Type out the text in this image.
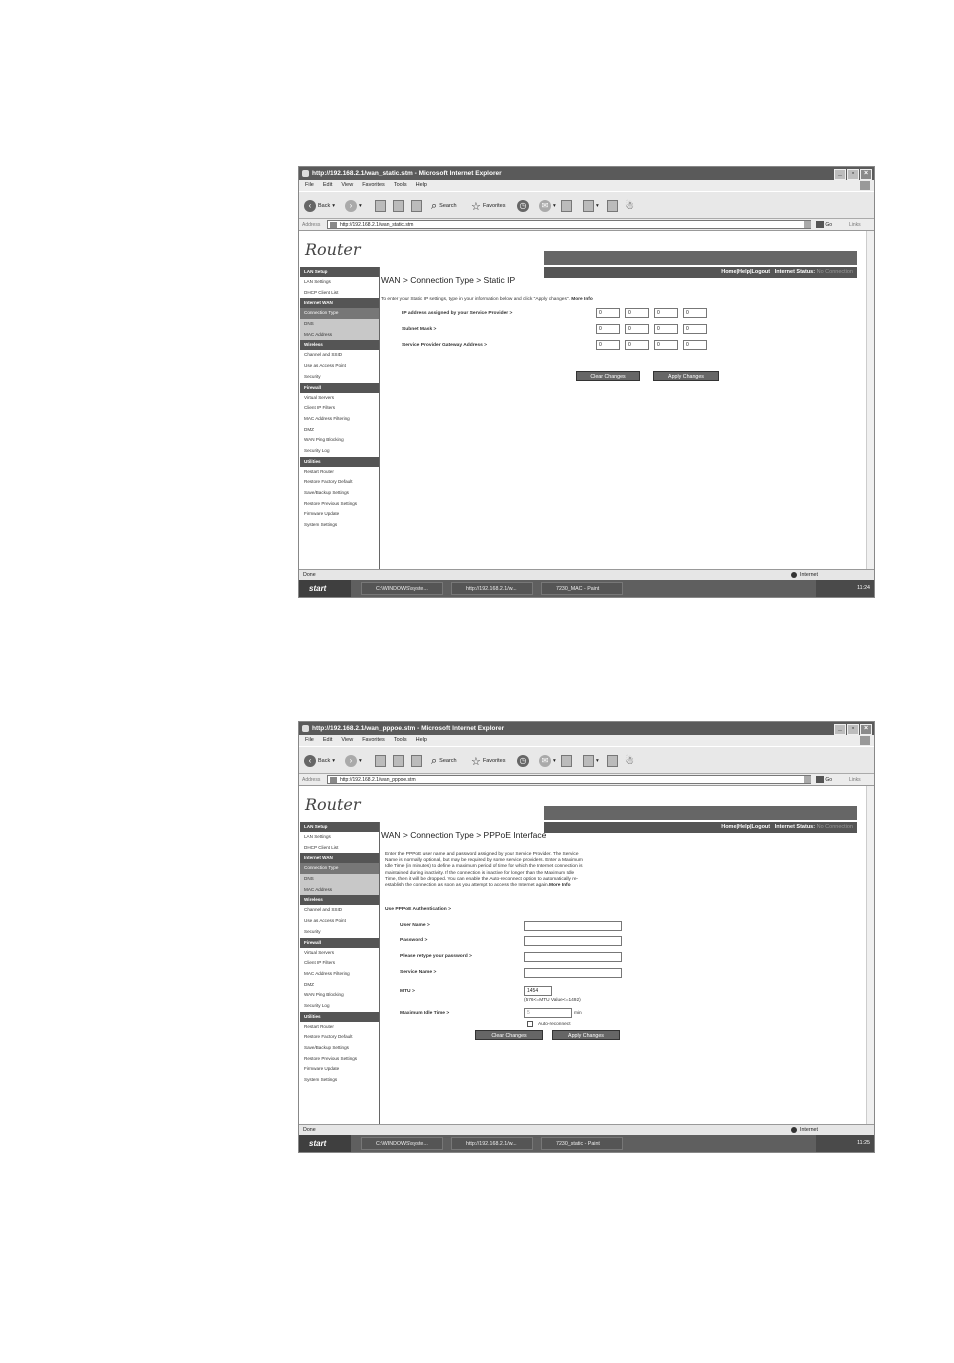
http://192.168.2.1/wan_static.stm - Microsoft Internet Explorer	_	▫	×
File Edit View Favorites Tools Help
‹	Back ▾	›	▾	⌕ Search ☆ Favorites	◷	✉ ▾	▾	☃
Address	http://192.168.2.1/wan_static.stm	Go	Links
Router
Home|Help|Logout Internet Status: No Connection
LAN Setup
LAN Settings
DHCP Client List
Internet WAN
Connection Type
DNS
MAC Address
Wireless
Channel and SSID
Use as Access Point
Security
Firewall
Virtual Servers
Client IP Filters
MAC Address Filtering
DMZ
WAN Ping Blocking
Security Log
Utilities
Restart Router
Restore Factory Default
Save/Backup Settings
Restore Previous Settings
Firmware Update
System Settings
WAN > Connection Type > Static IP
To enter your Static IP settings, type in your information below and click "Apply changes". More Info
IP address assigned by your Service Provider >	0	0	0	0
Subnet Mask >	0	0	0	0
Service Provider Gateway Address >	0	0	0	0
Clear Changes	Apply Changes
Done	Internet
start	C:\WINDOWS\syste...	http://192.168.2.1/w...	7230_MAC - Paint	11:24
http://192.168.2.1/wan_pppoe.stm - Microsoft Internet Explorer	_	▫	×
File Edit View Favorites Tools Help
‹	Back ▾	›	▾	⌕ Search ☆ Favorites	◷	✉ ▾	▾	☃
Address	http://192.168.2.1/wan_pppoe.stm	Go	Links
Router
Home|Help|Logout Internet Status: No Connection
LAN Setup
LAN Settings
DHCP Client List
Internet WAN
Connection Type
DNS
MAC Address
Wireless
Channel and SSID
Use as Access Point
Security
Firewall
Virtual Servers
Client IP Filters
MAC Address Filtering
DMZ
WAN Ping Blocking
Security Log
Utilities
Restart Router
Restore Factory Default
Save/Backup Settings
Restore Previous Settings
Firmware Update
System Settings
WAN > Connection Type > PPPoE Interface
Enter the PPPoE user name and password assigned by your Service Provider. The Service
Name is normally optional, but may be required by some service providers. Enter a Maximum
Idle Time (in minutes) to define a maximum period of time for which the Internet connection is
maintained during inactivity. If the connection is inactive for longer than the Maximum Idle
Time, then it will be dropped. You can enable the Auto-reconnect option to automatically re-
establish the connection as soon as you attempt to access the Internet again.More Info
Use PPPoE Authentication >
User Name >
Password >
Please retype your password >
Service Name >
MTU >	1454
(576<=MTU Value<=1492)
Maximum Idle Time >	5	min
Auto-reconnect
Clear Changes	Apply Changes
Done	Internet
start	C:\WINDOWS\syste...	http://192.168.2.1/w...	7230_static - Paint	11:25
